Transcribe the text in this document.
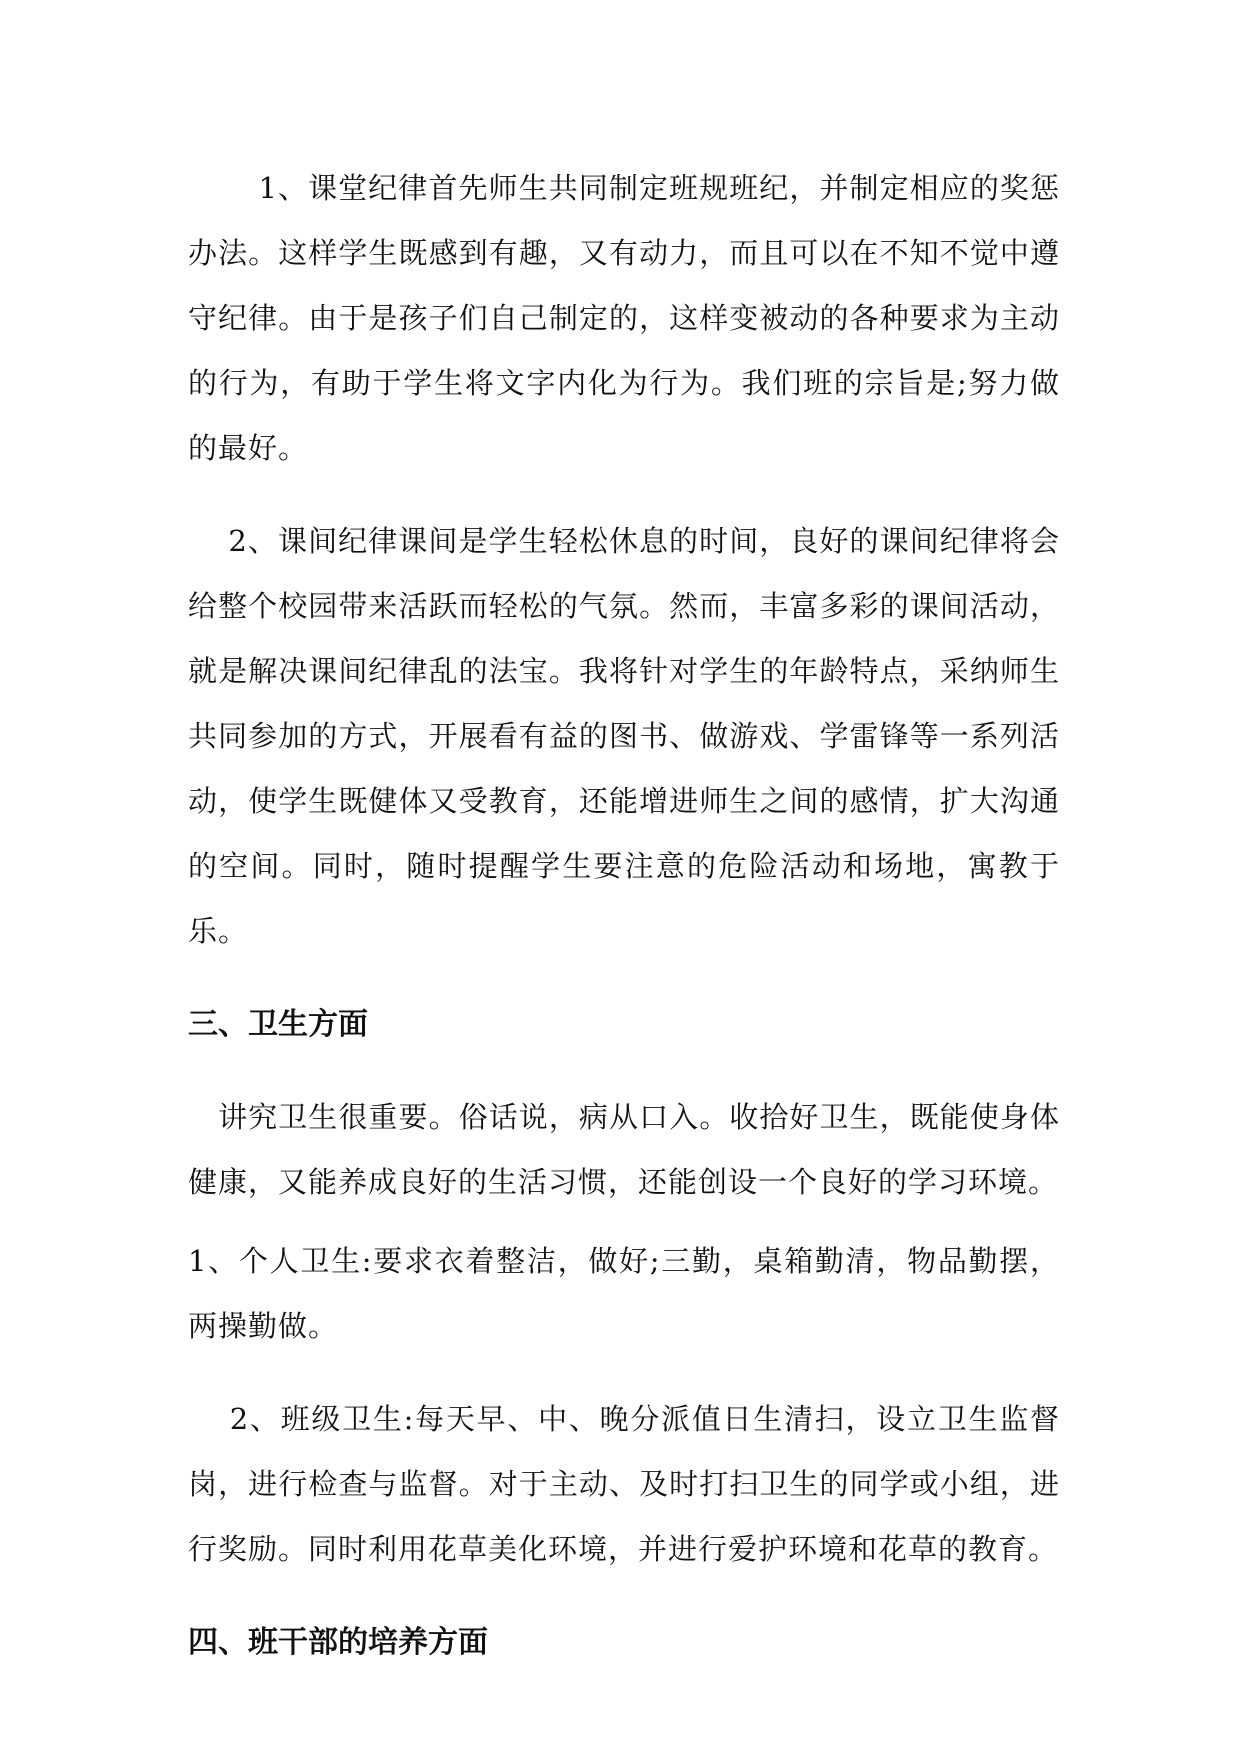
　　 1、课堂纪律首先师生共同制定班规班纪，并制定相应的奖惩办法。这样学生既感到有趣，又有动力，而且可以在不知不觉中遵守纪律。由于是孩子们自己制定的，这样变被动的各种要求为主动的行为，有助于学生将文字内化为行为。我们班的宗旨是;努力做的最好。

　 2、课间纪律课间是学生轻松休息的时间，良好的课间纪律将会给整个校园带来活跃而轻松的气氛。然而，丰富多彩的课间活动，就是解决课间纪律乱的法宝。我将针对学生的年龄特点，采纳师生共同参加的方式，开展看有益的图书、做游戏、学雷锋等一系列活动，使学生既健体又受教育，还能增进师生之间的感情，扩大沟通的空间。同时，随时提醒学生要注意的危险活动和场地，寓教于乐。

三、卫生方面

　讲究卫生很重要。俗话说，病从口入。收拾好卫生，既能使身体健康，又能养成良好的生活习惯，还能创设一个良好的学习环境。

1、个人卫生:要求衣着整洁，做好;三勤，桌箱勤清，物品勤摆，两操勤做。

　 2、班级卫生:每天早、中、晚分派值日生清扫，设立卫生监督岗，进行检查与监督。对于主动、及时打扫卫生的同学或小组，进行奖励。同时利用花草美化环境，并进行爱护环境和花草的教育。

四、班干部的培养方面
